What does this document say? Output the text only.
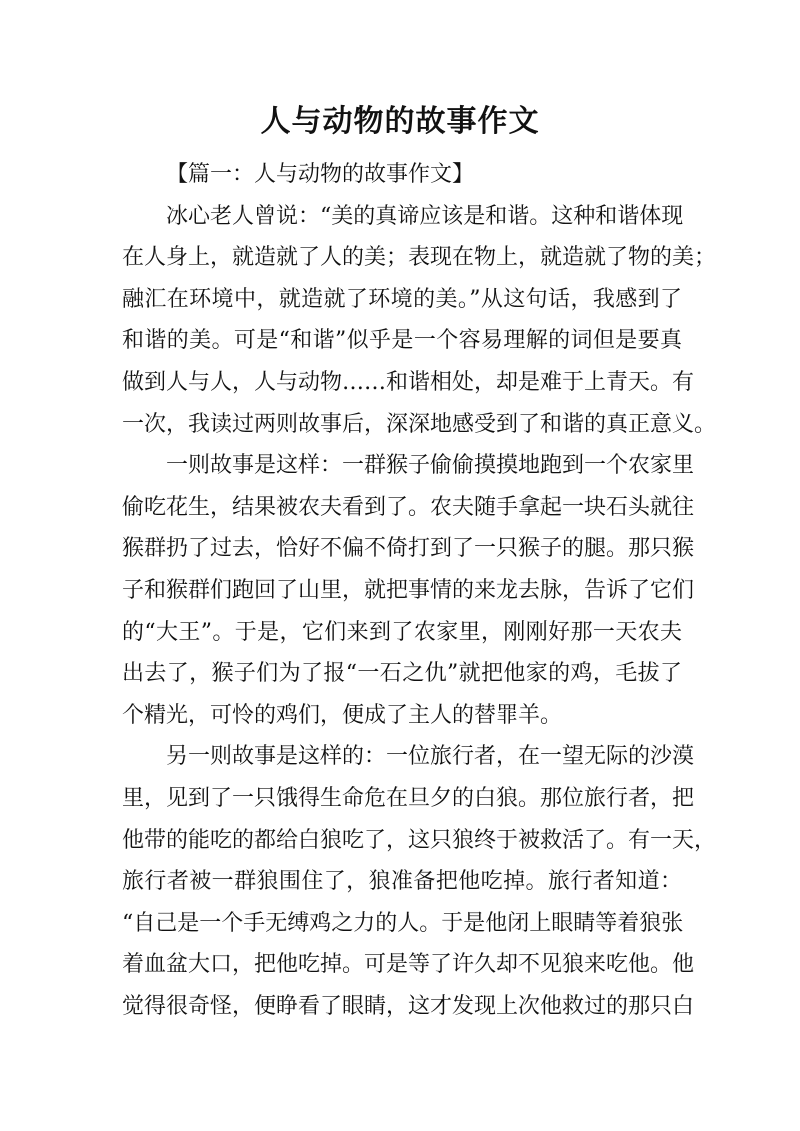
人与动物的故事作文
【篇一：人与动物的故事作文】
冰心老人曾说：“美的真谛应该是和谐。这种和谐体现
在人身上，就造就了人的美；表现在物上，就造就了物的美；
融汇在环境中，就造就了环境的美。”从这句话，我感到了
和谐的美。可是“和谐”似乎是一个容易理解的词但是要真
做到人与人，人与动物……和谐相处，却是难于上青天。有
一次，我读过两则故事后，深深地感受到了和谐的真正意义。
一则故事是这样：一群猴子偷偷摸摸地跑到一个农家里
偷吃花生，结果被农夫看到了。农夫随手拿起一块石头就往
猴群扔了过去，恰好不偏不倚打到了一只猴子的腿。那只猴
子和猴群们跑回了山里，就把事情的来龙去脉，告诉了它们
的“大王”。于是，它们来到了农家里，刚刚好那一天农夫
出去了，猴子们为了报“一石之仇”就把他家的鸡，毛拔了
个精光，可怜的鸡们，便成了主人的替罪羊。
另一则故事是这样的：一位旅行者，在一望无际的沙漠
里，见到了一只饿得生命危在旦夕的白狼。那位旅行者，把
他带的能吃的都给白狼吃了，这只狼终于被救活了。有一天，
旅行者被一群狼围住了，狼准备把他吃掉。旅行者知道：
“自己是一个手无缚鸡之力的人。于是他闭上眼睛等着狼张
着血盆大口，把他吃掉。可是等了许久却不见狼来吃他。他
觉得很奇怪，便睁看了眼睛，这才发现上次他救过的那只白
